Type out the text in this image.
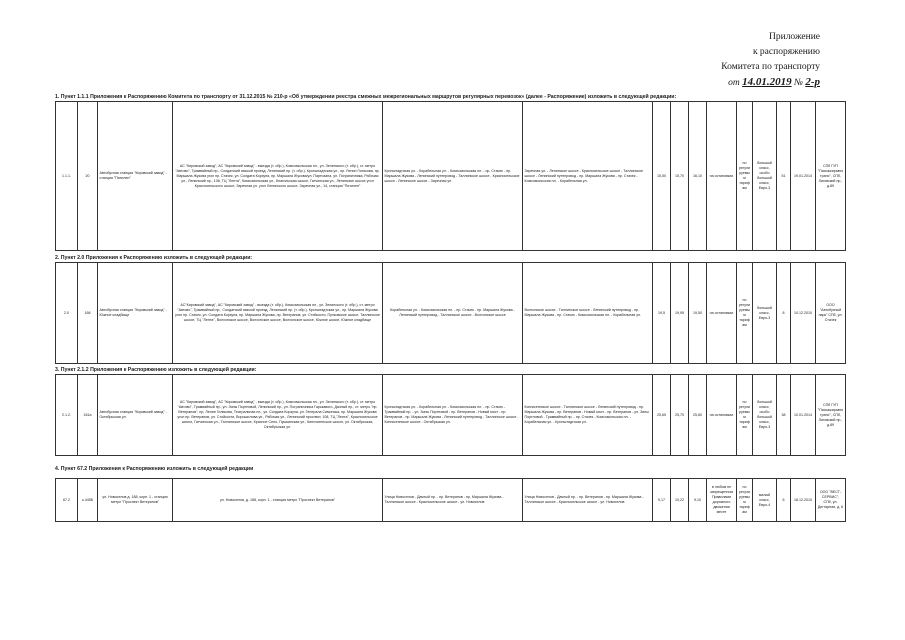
Приложение
к распоряжению
Комитета по транспорту
от 14.01.2019 № 2-р
1. Пункт 1.1.1 Приложения к Распоряжению Комитета по транспорту от 31.12.2015 № 210-р «Об утверждении реестра смежных межрегиональных маршрутов регулярных перевозок» (далее - Распоряжение) изложить в следующей редакции:
1.1.1.	20	Автобусная станция "Кировский завод" - станция "Пятилеп"	АС "Кировский завод", АС "Кировский завод" - выезда (т. обр.), Комсомольская пл., ул. Зелинского (т. обр.), ст. метро "Автово", Трамвайный пр., Солдатский ямской проезд, Ленинский пр. (т. обр.), Кронштадтская ул., пр. Ленин Голикова, пр. Маршала Жукова угол пр. Стачек, ул. Солдата Корзуна, пр. Маршала Жукова/ул. Партизана, ул. Пограничника, Рабочая ул., Ленинский пр., 108, ТЦ "Лента", Комсомольская ул., Кпагольская шоссе, Гатчинская ул., Ленинское шоссе угол Красносельского шоссе, Заречная ул. угол Ленинского шоссе, Заречная ул., 14, станция "Пятилеп"	Кронштадтская ул. - Корабельная ул. - Комсомольская пл. - пр. Стачек - пр. Маршала Жукова - Ленинский путепровод - Таллинское шоссе - Красносельское шоссе - Ленинское шоссе - Заречная ул.	Заречная ул. - Ленинское шоссе - Красносельское шоссе - Таллинское шоссе - Ленинский путепровод - пр. Маршала Жукова - пр. Стачек - Комсомольская пл. - Корабельная ул.	15,50	15,70	16,10	на остановках	по регулируемым тарифам	большой класс, особо большой класс, Евро-3	51	19.01.2014	СПб ГУП "Пассажиравтотранс", СПб, Лиговский пр., д.89
2. Пункт 2.0 Приложения к Распоряжению изложить в следующей редакции:
2.0	168	Автобусная станция "Кировский завод" - Южное кладбище	АС"Кировский завод", АС "Кировский завод" - выезда (т. обр.), Комсомольская пл., ул. Зелинского (т. обр.), ст. метро "Автово", Трамвайный пр., Солдатский ямской проезд, Ленинский пр. (т. обр.), Кронштадтская ул., пр. Маршала Жукова угол пр. Стачек, ул. Солдата Корзуна, пр. Маршала Жукова, пр. Ветеранов, ул. Стойкости, Пулковское шоссе, Таллинское шоссе, ТЦ "Лента", Волхонское шоссе, Волхонское шоссе, Волхонское шоссе, Южное шоссе, Южное кладбище	Корабельная ул. - Комсомольская пл. - пр. Стачек - пр. Маршала Жукова - Ленинский путепровод - Таллинское шоссе - Волхонское шоссе	Волхонское шоссе - Таллинское шоссе - Ленинский путепровод - пр. Маршала Жукова - пр. Стачек - Комсомольская пл. - Корабельная ул.	19,5	19,95	19,50	на остановках	по регулируемым тарифам	большой класс, Евро-3	8	10.12.2010	ООО "Автобусный парк" СПб, ул. Стачек
3. Пункт 2.1.2 Приложения к Распоряжению изложить в следующей редакции:
2.1.2.	181а	Автобусная станция "Кировский завод" - Октябрьская ул.	АС "Кировский завод", АС "Кировский завод" - выезда (т. обр.), Комсомольская пл., ул. Зелинского (т. обр.), ст. метро "Автово", Трамвайный пр., ул. Зины Портновой, Ленинский пр., ул. Пограничника Гарькавого, Дачный пр., ст. метро "пр. Ветеранов", пр. Ленин Голикова, Театральная пл., ул. Солдата Корзуна, ул. Генерала Симоняка, пр. Маршала Жукова угол пр. Ветеранов, ул. Стойкости, Ворошилова ул., Рабочая ул., Ленинский проспект, 108, ТЦ "Лента", Красносельское шоссе, Гатчинская ул., Таллинское шоссе, Красное Село, Пушкинская ул., Кингисеппское шоссе, ул. Октябрьская, Октябрьская ул.	Кронштадтская ул. - Корабельная ул. - Комсомольская пл. - пр. Стачек - Трамвайный пр. - ул. Зины Портновой - пр. Ветеранов - Новый мост - пр. Ветеранов - пр. Маршала Жукова - Ленинский путепровод - Таллинское шоссе - Кингисеппское шоссе - Октябрьская ул.	Кингисеппское шоссе - Таллинское шоссе - Ленинский путепровод - пр. Маршала Жукова - пр. Ветеранов - Новый мост - пр. Ветеранов - ул. Зины Портновой - Трамвайный пр. - пр. Стачек - Комсомольская пл. - Корабельная ул. - Кронштадтская ул.	25,65	25,70	25,60	на остановках	по регулируемым тарифам	большой класс, особо большой класс, Евро-3	38	10.01.2014	СПб ГУП "Пассажиравтотранс", СПб, Лиговский пр., д.89
4. Пункт 67.2 Приложения к Распоряжению изложить в следующей редакции
67.2	к-445Б	ул. Новоселов д. 188, корп. 1 - станция метро "Проспект Ветеранов"	ул. Новоселов, д. 188, корп. 1 - станция метро "Проспект Ветеранов"	Улица Новоселов - Дачный пр. - пр. Ветеранов - пр. Маршала Жукова - Таллинское шоссе - Красносельское шоссе - ул. Новоселов	Улица Новоселов - Дачный пр. - пр. Ветеранов - пр. Маршала Жукова - Таллинское шоссе - Красносельское шоссе - ул. Новоселов	9,17	10,22	9,10	в любом не запрещенном Правилами дорожного движения месте	по регулируемым тарифам	малый класс, Евро-4	6	18.12.2010	ООО "ВЕСТ-СЕРВИС", СПб, ул. Дегтярная, д. 6
